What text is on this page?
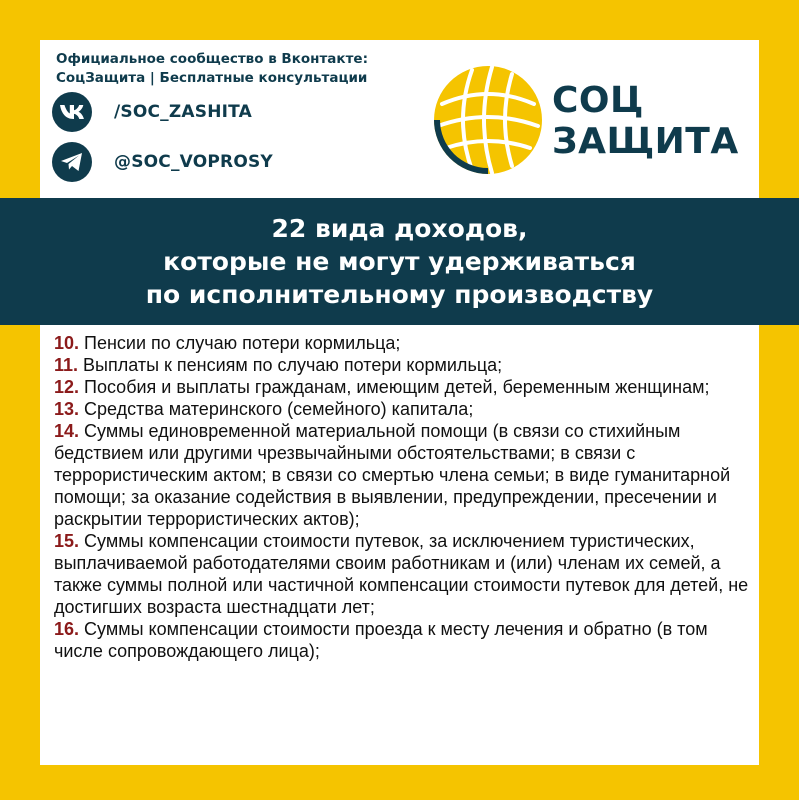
Официальное сообщество в Вконтакте:
СоцЗащита | Бесплатные консультации
/SOC_ZASHITA
@SOC_VOPROSY
СОЦ
ЗАЩИТА
22 вида доходов,
которые не могут удерживаться
по исполнительному производству

10. Пенсии по случаю потери кормильца;

11. Выплаты к пенсиям по случаю потери кормильца;

12. Пособия и выплаты гражданам, имеющим детей, беременным женщинам;

13. Средства материнского (семейного) капитала;

14. Суммы единовременной материальной помощи (в связи со стихийным бедствием или другими чрезвычайными обстоятельствами; в связи с террористическим актом; в связи со смертью члена семьи; в виде гуманитарной помощи; за оказание содействия в выявлении, предупреждении, пресечении и раскрытии террористических актов);

15. Суммы компенсации стоимости путевок, за исключением туристических, выплачиваемой работодателями своим работникам и (или) членам их семей, а также суммы полной или частичной компенсации стоимости путевок для детей, не достигших возраста шестнадцати лет;

16. Суммы компенсации стоимости проезда к месту лечения и обратно (в том числе сопровождающего лица);
